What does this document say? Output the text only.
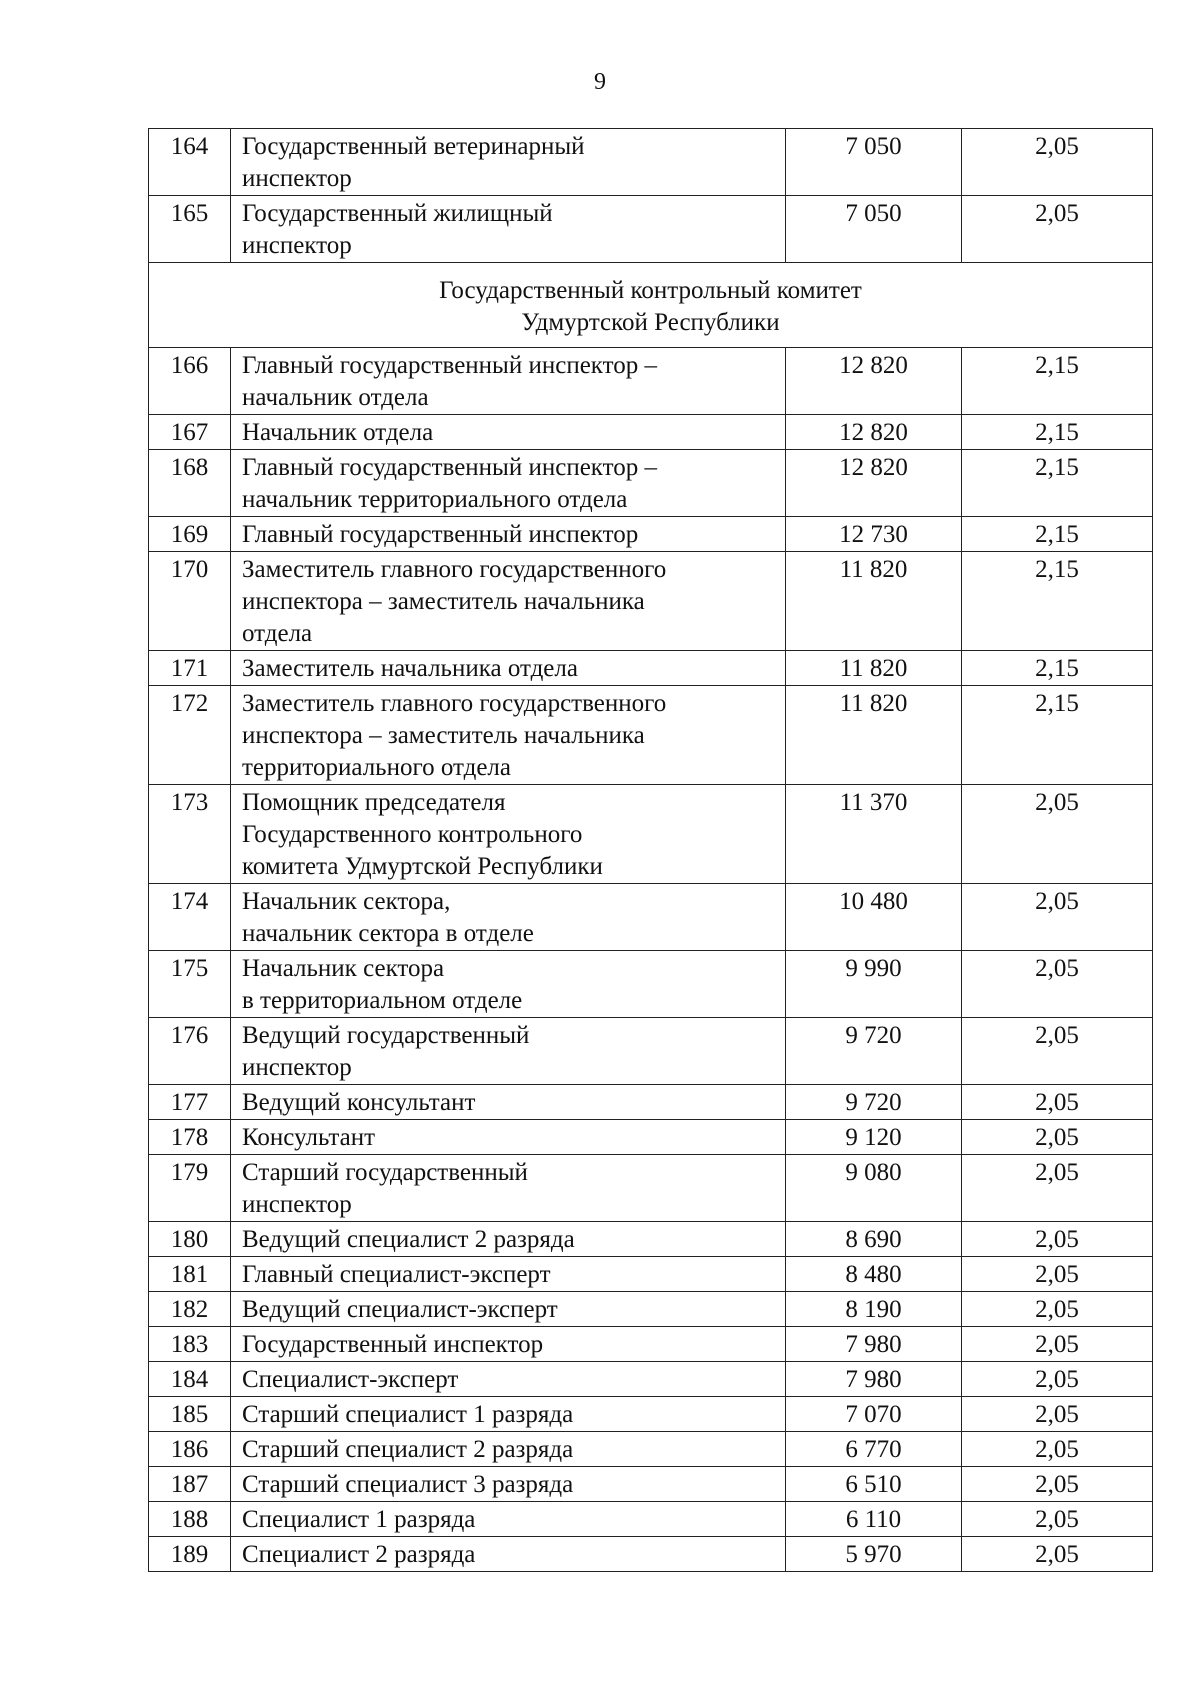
9
164	Государственный ветеринарный
инспектор	7 050	2,05

165	Государственный жилищный
инспектор	7 050	2,05

Государственный контрольный комитет
Удмуртской Республики			

166	Главный государственный инспектор –
начальник отдела	12 820	2,15

167	Начальник отдела	12 820	2,15

168	Главный государственный инспектор –
начальник территориального отдела	12 820	2,15

169	Главный государственный инспектор	12 730	2,15

170	Заместитель главного государственного
инспектора – заместитель начальника
отдела	11 820	2,15

171	Заместитель начальника отдела	11 820	2,15

172	Заместитель главного государственного
инспектора – заместитель начальника
территориального отдела	11 820	2,15

173	Помощник председателя
Государственного контрольного
комитета Удмуртской Республики	11 370	2,05

174	Начальник сектора,
начальник сектора в отделе	10 480	2,05

175	Начальник сектора
в территориальном отделе	9 990	2,05

176	Ведущий государственный
инспектор	9 720	2,05

177	Ведущий консультант	9 720	2,05

178	Консультант	9 120	2,05

179	Старший государственный
инспектор	9 080	2,05

180	Ведущий специалист 2 разряда	8 690	2,05

181	Главный специалист-эксперт	8 480	2,05

182	Ведущий специалист-эксперт	8 190	2,05

183	Государственный инспектор	7 980	2,05

184	Специалист-эксперт	7 980	2,05

185	Старший специалист 1 разряда	7 070	2,05

186	Старший специалист 2 разряда	6 770	2,05

187	Старший специалист 3 разряда	6 510	2,05

188	Специалист 1 разряда	6 110	2,05

189	Специалист 2 разряда	5 970	2,05
